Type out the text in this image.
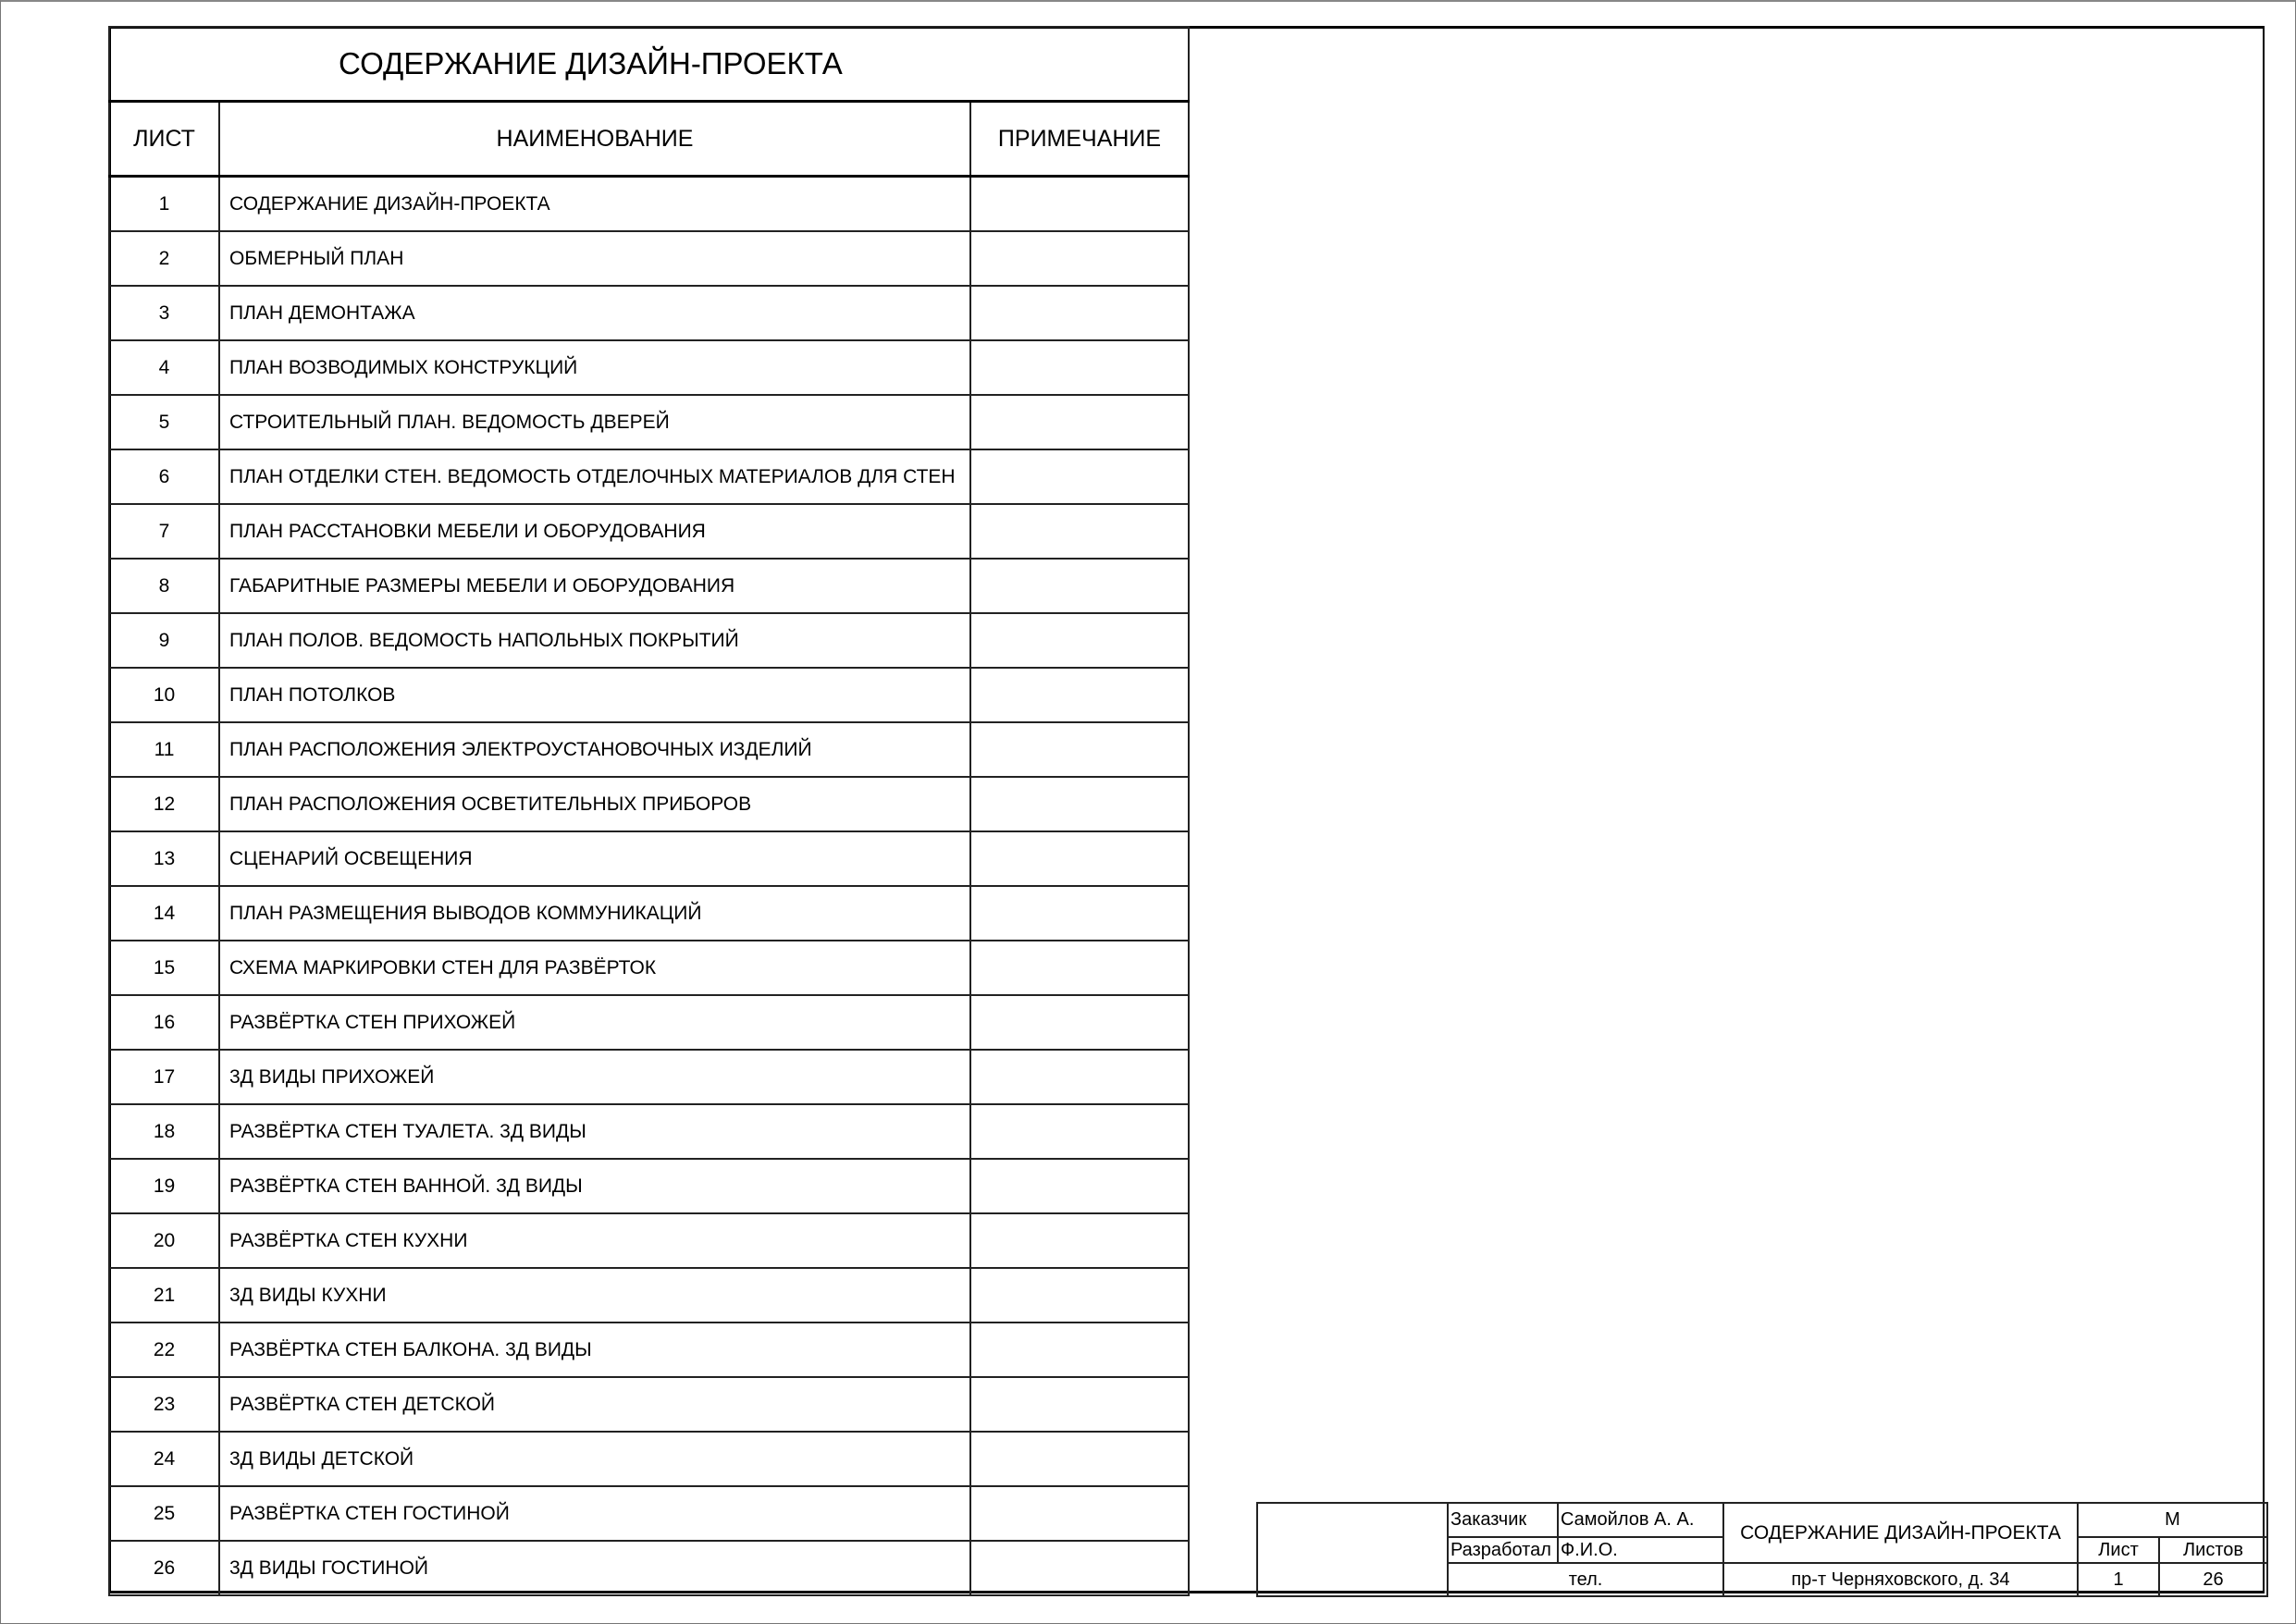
СОДЕРЖАНИЕ ДИЗАЙН-ПРОЕКТА		
ЛИСТ	НАИМЕНОВАНИЕ	ПРИМЕЧАНИЕ
1	СОДЕРЖАНИЕ ДИЗАЙН-ПРОЕКТА	
2	ОБМЕРНЫЙ ПЛАН	
3	ПЛАН ДЕМОНТАЖА	
4	ПЛАН ВОЗВОДИМЫХ КОНСТРУКЦИЙ	
5	СТРОИТЕЛЬНЫЙ ПЛАН. ВЕДОМОСТЬ ДВЕРЕЙ	
6	ПЛАН ОТДЕЛКИ СТЕН. ВЕДОМОСТЬ ОТДЕЛОЧНЫХ МАТЕРИАЛОВ ДЛЯ СТЕН	
7	ПЛАН РАССТАНОВКИ МЕБЕЛИ И ОБОРУДОВАНИЯ	
8	ГАБАРИТНЫЕ РАЗМЕРЫ МЕБЕЛИ И ОБОРУДОВАНИЯ	
9	ПЛАН ПОЛОВ. ВЕДОМОСТЬ НАПОЛЬНЫХ ПОКРЫТИЙ	
10	ПЛАН ПОТОЛКОВ	
11	ПЛАН РАСПОЛОЖЕНИЯ ЭЛЕКТРОУСТАНОВОЧНЫХ ИЗДЕЛИЙ	
12	ПЛАН РАСПОЛОЖЕНИЯ ОСВЕТИТЕЛЬНЫХ ПРИБОРОВ	
13	СЦЕНАРИЙ ОСВЕЩЕНИЯ	
14	ПЛАН РАЗМЕЩЕНИЯ ВЫВОДОВ КОММУНИКАЦИЙ	
15	СХЕМА МАРКИРОВКИ СТЕН ДЛЯ РАЗВЁРТОК	
16	РАЗВЁРТКА СТЕН ПРИХОЖЕЙ	
17	3Д ВИДЫ ПРИХОЖЕЙ	
18	РАЗВЁРТКА СТЕН ТУАЛЕТА. 3Д ВИДЫ	
19	РАЗВЁРТКА СТЕН ВАННОЙ. 3Д ВИДЫ	
20	РАЗВЁРТКА СТЕН КУХНИ	
21	3Д ВИДЫ КУХНИ	
22	РАЗВЁРТКА СТЕН БАЛКОНА. 3Д ВИДЫ	
23	РАЗВЁРТКА СТЕН ДЕТСКОЙ	
24	3Д ВИДЫ ДЕТСКОЙ	
25	РАЗВЁРТКА СТЕН ГОСТИНОЙ	
26	3Д ВИДЫ ГОСТИНОЙ	
	Заказчик	Самойлов А. А.	СОДЕРЖАНИЕ ДИЗАЙН-ПРОЕКТА	М	
	Разработал	Ф.И.О.		Лист	Листов
	тел.		пр-т Черняховского, д. 34	1	26
